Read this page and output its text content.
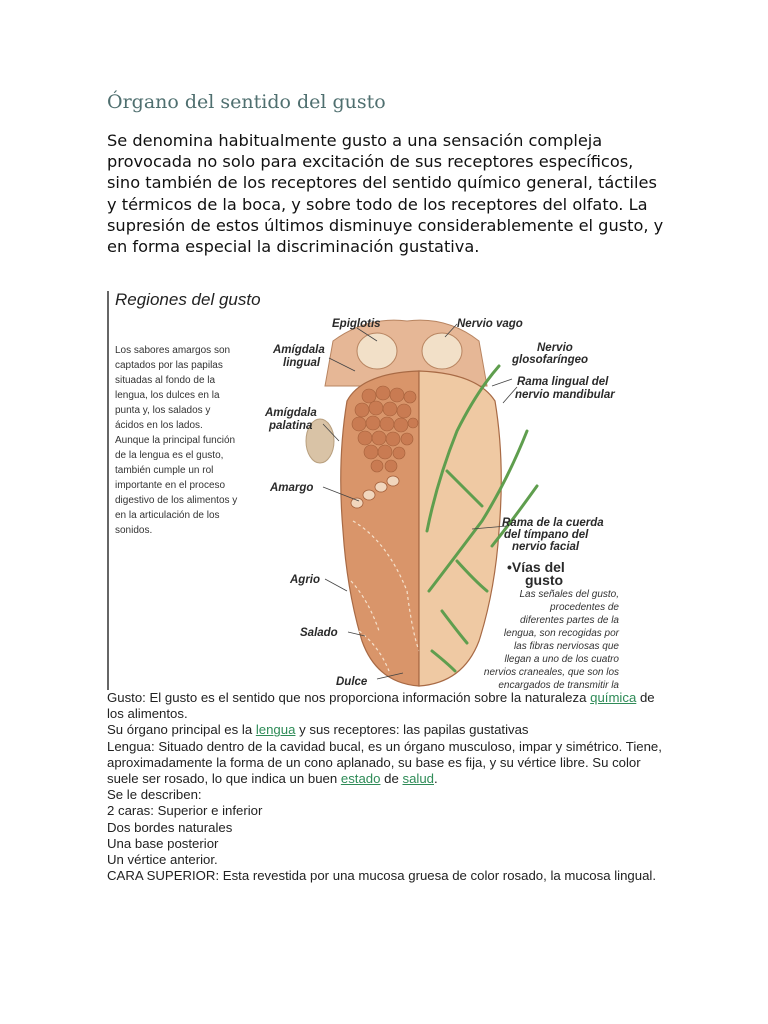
Órgano del sentido del gusto

Se denomina habitualmente gusto a una sensación compleja provocada no solo para excitación de sus receptores específicos, sino también de los receptores del sentido químico general, táctiles y térmicos de la boca, y sobre todo de los receptores del olfato. La supresión de estos últimos disminuye considerablemente el gusto, y en forma especial la discriminación gustativa.

Regiones del gusto
Los sabores amargos son
captados por las papilas
situadas al fondo de la
lengua, los dulces en la
punta y, los salados y
ácidos en los lados.
Aunque la principal función
de la lengua es el gusto,
también cumple un rol
importante en el proceso
digestivo de los alimentos y
en la articulación de los
sonidos.
Epiglotis	Nervio vago
Amígdala
lingual
Nervio
glosofaríngeo
Rama lingual del
nervio mandibular
Amígdala
palatina
Amargo
Rama de la cuerda
del tímpano del
nervio facial
Agrio
Salado
Dulce
•Vías del
gusto
Las señales del gusto,
procedentes de
diferentes partes de la
lengua, son recogidas por
las fibras nerviosas que
llegan a uno de los cuatro
nervios craneales, que son los
encargados de transmitir la

Gusto: El gusto es el sentido que nos proporciona información sobre la naturaleza química de los alimentos.

Su órgano principal es la lengua y sus receptores: las papilas gustativas

Lengua: Situado dentro de la cavidad bucal, es un órgano musculoso, impar y simétrico. Tiene, aproximadamente la forma de un cono aplanado, su base es fija, y su vértice libre. Su color suele ser rosado, lo que indica un buen estado de salud.

Se le describen:

2 caras: Superior e inferior

Dos bordes naturales

Una base posterior

Un vértice anterior.

CARA SUPERIOR: Esta revestida por una mucosa gruesa de color rosado, la mucosa lingual.
